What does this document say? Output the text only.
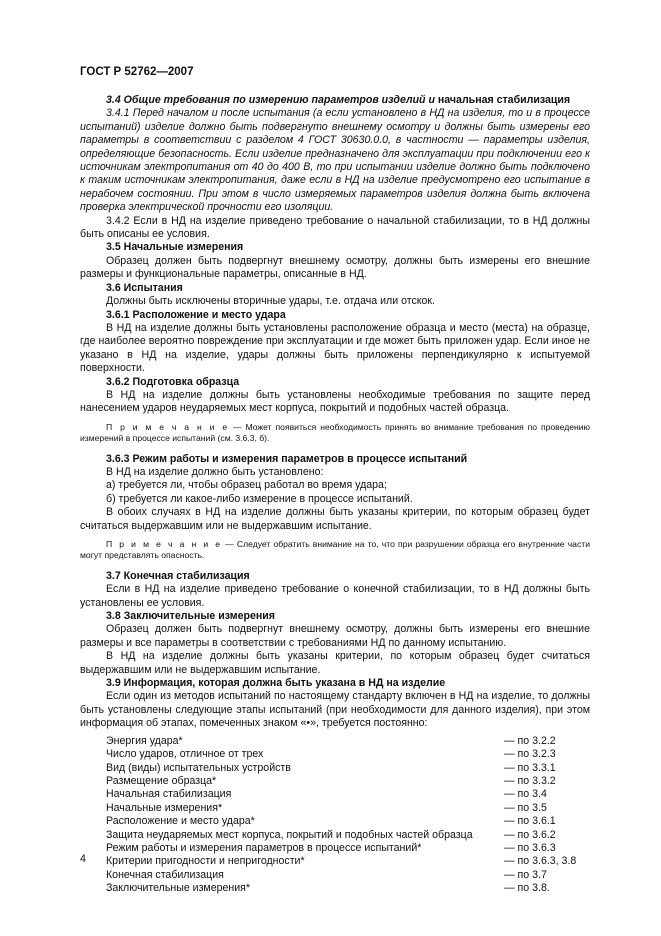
ГОСТ Р 52762—2007
3.4 Общие требования по измерению параметров изделий и начальная стабилизация

3.4.1 Перед началом и после испытания (а если установлено в НД на изделия, то и в процессе испытаний) изделие должно быть подвергнуто внешнему осмотру и должны быть измерены его параметры в соответствии с разделом 4 ГОСТ 30630.0.0, в частности — параметры изделия, определяющие безопасность. Если изделие предназначено для эксплуатации при подключении его к источникам электропитания от 40 до 400 В, то при испытании изделие должно быть подключено к таким источникам электропитания, даже если в НД на изделие предусмотрено его испытание в нерабочем состоянии. При этом в число измеряемых параметров изделия должна быть включена проверка электрической прочности его изоляции.

3.4.2 Если в НД на изделие приведено требование о начальной стабилизации, то в НД должны быть описаны ее условия.

3.5 Начальные измерения

Образец должен быть подвергнут внешнему осмотру, должны быть измерены его внешние размеры и функциональные параметры, описанные в НД.

3.6 Испытания

Должны быть исключены вторичные удары, т.е. отдача или отскок.

3.6.1 Расположение и место удара

В НД на изделие должны быть установлены расположение образца и место (места) на образце, где наиболее вероятно повреждение при эксплуатации и где может быть приложен удар. Если иное не указано в НД на изделие, удары должны быть приложены перпендикулярно к испытуемой поверхности.

3.6.2 Подготовка образца

В НД на изделие должны быть установлены необходимые требования по защите перед нанесением ударов неударяемых мест корпуса, покрытий и подобных частей образца.

П р и м е ч а н и е — Может появиться необходимость принять во внимание требования по проведению измерений в процессе испытаний (см. 3.6.3, б).
3.6.3 Режим работы и измерения параметров в процессе испытаний

В НД на изделие должно быть установлено:

а) требуется ли, чтобы образец работал во время удара;

б) требуется ли какое-либо измерение в процессе испытаний.

В обоих случаях в НД на изделие должны быть указаны критерии, по которым образец будет считаться выдержавшим или не выдержавшим испытание.

П р и м е ч а н и е — Следует обратить внимание на то, что при разрушении образца его внутренние части могут представлять опасность.
3.7 Конечная стабилизация

Если в НД на изделие приведено требование о конечной стабилизации, то в НД должны быть установлены ее условия.

3.8 Заключительные измерения

Образец должен быть подвергнут внешнему осмотру, должны быть измерены его внешние размеры и все параметры в соответствии с требованиями НД по данному испытанию.

В НД на изделие должны быть указаны критерии, по которым образец будет считаться выдержавшим или не выдержавшим испытание.

3.9 Информация, которая должна быть указана в НД на изделие

Если один из методов испытаний по настоящему стандарту включен в НД на изделие, то должны быть установлены следующие этапы испытаний (при необходимости для данного изделия), при этом информация об этапах, помеченных знаком «•», требуется постоянно:

Энергия удара*	— по 3.2.2
Число ударов, отличное от трех	— по 3.2.3
Вид (виды) испытательных устройств	— по 3.3.1
Размещение образца*	— по 3.3.2
Начальная стабилизация	— по 3.4
Начальные измерения*	— по 3.5
Расположение и место удара*	— по 3.6.1
Защита неударяемых мест корпуса, покрытий и подобных частей образца	— по 3.6.2
Режим работы и измерения параметров в процессе испытаний*	— по 3.6.3
Критерии пригодности и непригодности*	— по 3.6.3, 3.8
Конечная стабилизация	— по 3.7
Заключительные измерения*	— по 3.8.
4
